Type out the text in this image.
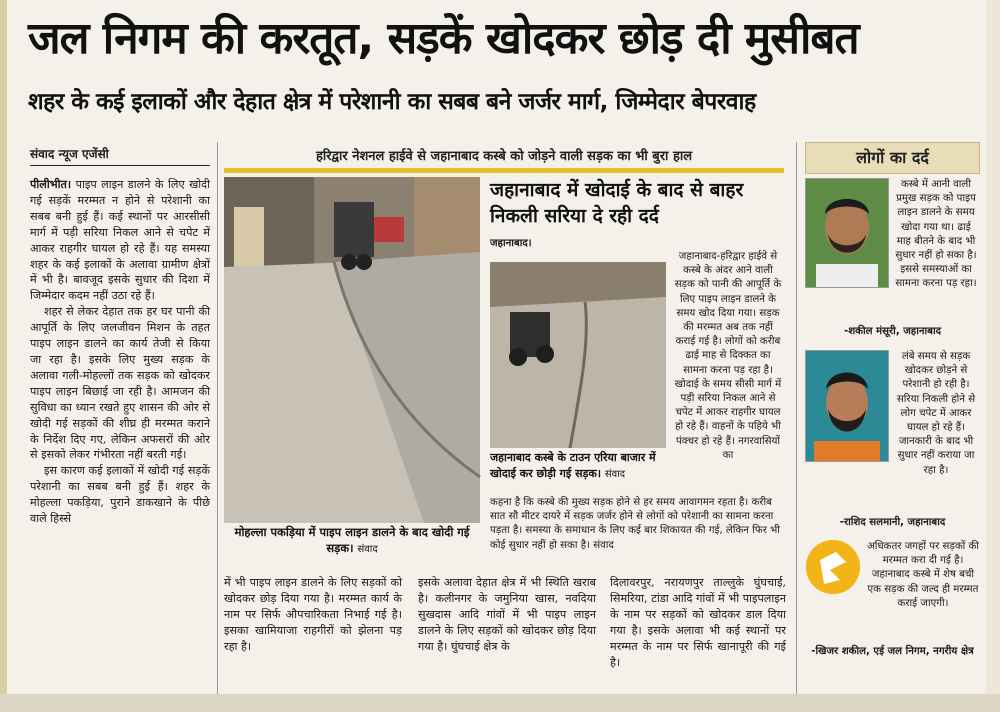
जल निगम की करतूत, सड़कें खोदकर छोड़ दी मुसीबत
शहर के कई इलाकों और देहात क्षेत्र में परेशानी का सबब बने जर्जर मार्ग, जिम्मेदार बेपरवाह
संवाद न्यूज एजेंसी
पीलीभीत। पाइप लाइन डालने के लिए खोदी गई सड़कें मरम्मत न होने से परेशानी का सबब बनी हुई हैं। कई स्थानों पर आरसीसी मार्ग में पड़ी सरिया निकल आने से चपेट में आकर राहगीर घायल हो रहे हैं। यह समस्या शहर के कई इलाकों के अलावा ग्रामीण क्षेत्रों में भी है। बावजूद इसके सुधार की दिशा में जिम्मेदार कदम नहीं उठा रहे हैं।
शहर से लेकर देहात तक हर घर पानी की आपूर्ति के लिए जलजीवन मिशन के तहत पाइप लाइन डालने का कार्य तेजी से किया जा रहा है। इसके लिए मुख्य सड़क के अलावा गली-मोहल्लों तक सड़क को खोदकर पाइप लाइन बिछाई जा रही है। आमजन की सुविधा का ध्यान रखते हुए शासन की ओर से खोदी गई सड़कों की शीघ्र ही मरम्मत कराने के निर्देश दिए गए, लेकिन अफसरों की ओर से इसको लेकर गंभीरता नहीं बरती गई।
इस कारण कई इलाकों में खोदी गई सड़कें परेशानी का सबब बनी हुई हैं। शहर के मोहल्ला पकड़िया, पुराने डाकखाने के पीछे वाले हिस्से
हरिद्वार नेशनल हाईवे से जहानाबाद कस्बे को जोड़ने वाली सड़क का भी बुरा हाल
मोहल्ला पकड़िया में पाइप लाइन डालने के बाद खोदी गई सड़क। संवाद
जहानाबाद में खोदाई के बाद से बाहर निकली सरिया दे रही दर्द
जहानाबाद कस्बे के टाउन एरिया बाजार में खोदाई कर छोड़ी गई सड़क। संवाद
जहानाबाद।
जहानाबाद-हरिद्वार हाईवे से कस्बे के अंदर आने वाली सड़क को पानी की आपूर्ति के लिए पाइप लाइन डालने के समय खोद दिया गया। सड़क की मरम्मत अब तक नहीं कराई गई है। लोगों को करीब ढाई माह से दिक्कत का सामना करना पड़ रहा है। खोदाई के समय सीसी मार्ग में पड़ी सरिया निकल आने से चपेट में आकर राहगीर घायल हो रहे हैं। वाहनों के पहिये भी पंक्चर हो रहे हैं। नगरवासियों का
कहना है कि कस्बे की मुख्य सड़क होने से हर समय आवागमन रहता है। करीब सात सौ मीटर दायरे में सड़क जर्जर होने से लोगों को परेशानी का सामना करना पड़ता है। समस्या के समाधान के लिए कई बार शिकायत की गई, लेकिन फिर भी कोई सुधार नहीं हो सका है। संवाद
में भी पाइप लाइन डालने के लिए सड़कों को खोदकर छोड़ दिया गया है। मरम्मत कार्य के नाम पर सिर्फ औपचारिकता निभाई गई है। इसका खामियाजा राहगीरों को झेलना पड़ रहा है।
इसके अलावा देहात क्षेत्र में भी स्थिति खराब है। कलीनगर के जमुनिया खास, नवदिया सुखदास आदि गांवों में भी पाइप लाइन डालने के लिए सड़कों को खोदकर छोड़ दिया गया है। घुंघचाई क्षेत्र के
दिलावरपुर, नरायणपुर ताल्लुके घुंघचाई, सिमरिया, टांडा आदि गांवों में भी पाइपलाइन के नाम पर सड़कों को खोदकर डाल दिया गया है। इसके अलावा भी कई स्थानों पर मरम्मत के नाम पर सिर्फ खानापूरी की गई है।
लोगों का दर्द
कस्बे में आनी वाली प्रमुख सड़क को पाइप लाइन डालने के समय खोदा गया था। ढाई माह बीतने के बाद भी सुधार नहीं हो सका है। इससे समस्याओं का सामना करना पड़ रहा।
-शकील मंसूरी, जहानाबाद
लंबे समय से सड़क खोदकर छोड़ने से परेशानी हो रही है। सरिया निकली होने से लोग चपेट में आकर घायल हो रहे हैं। जानकारी के बाद भी सुधार नहीं कराया जा रहा है।
-राशिद सलमानी, जहानाबाद
अधिकतर जगहों पर सड़कों की मरम्मत करा दी गई है। जहानाबाद कस्बे में शेष बची एक सड़क की जल्द ही मरम्मत कराई जाएगी।
-खिजर शकील, एई जल निगम, नगरीय क्षेत्र
